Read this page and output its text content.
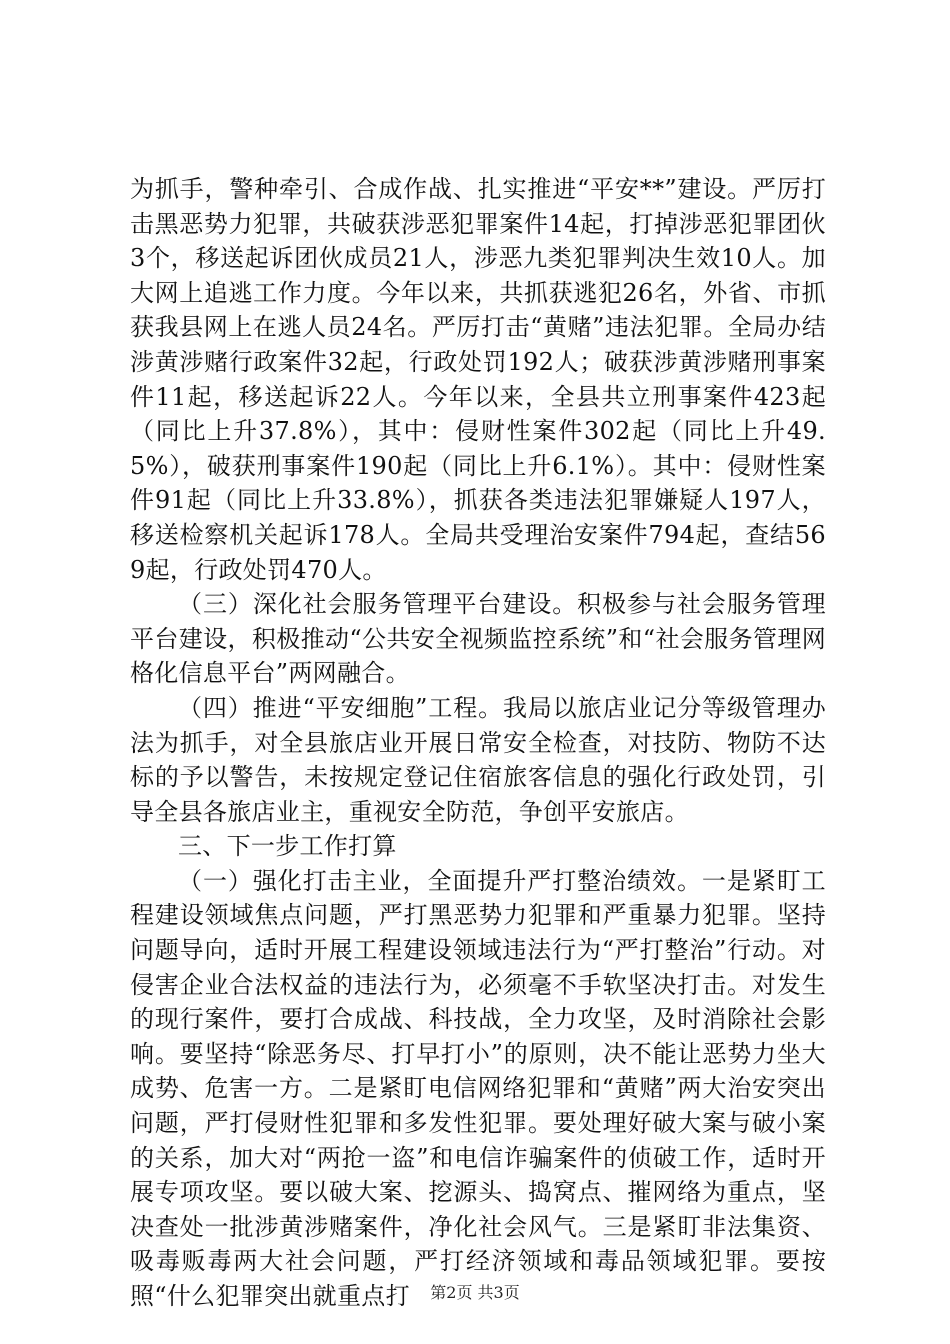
为抓手，警种牵引、合成作战、扎实推进“平安**”建设。严厉打击黑恶势力犯罪，共破获涉恶犯罪案件14起，打掉涉恶犯罪团伙3个，移送起诉团伙成员21人，涉恶九类犯罪判决生效10人。加大网上追逃工作力度。今年以来，共抓获逃犯26名，外省、市抓获我县网上在逃人员24名。严厉打击“黄赌”违法犯罪。全局办结涉黄涉赌行政案件32起，行政处罚192人；破获涉黄涉赌刑事案件11起，移送起诉22人。今年以来，全县共立刑事案件423起（同比上升37.8%），其中：侵财性案件302起（同比上升49.5%），破获刑事案件190起（同比上升6.1%）。其中：侵财性案件91起（同比上升33.8%），抓获各类违法犯罪嫌疑人197人，移送检察机关起诉178人。全局共受理治安案件794起，查结569起，行政处罚470人。

（三）深化社会服务管理平台建设。积极参与社会服务管理平台建设，积极推动“公共安全视频监控系统”和“社会服务管理网格化信息平台”两网融合。

（四）推进“平安细胞”工程。我局以旅店业记分等级管理办法为抓手，对全县旅店业开展日常安全检查，对技防、物防不达标的予以警告，未按规定登记住宿旅客信息的强化行政处罚，引导全县各旅店业主，重视安全防范，争创平安旅店。

三、下一步工作打算

（一）强化打击主业，全面提升严打整治绩效。一是紧盯工程建设领域焦点问题，严打黑恶势力犯罪和严重暴力犯罪。坚持问题导向，适时开展工程建设领域违法行为“严打整治”行动。对侵害企业合法权益的违法行为，必须毫不手软坚决打击。对发生的现行案件，要打合成战、科技战，全力攻坚，及时消除社会影响。要坚持“除恶务尽、打早打小”的原则，决不能让恶势力坐大成势、危害一方。二是紧盯电信网络犯罪和“黄赌”两大治安突出问题，严打侵财性犯罪和多发性犯罪。要处理好破大案与破小案的关系，加大对“两抢一盗”和电信诈骗案件的侦破工作，适时开展专项攻坚。要以破大案、挖源头、捣窝点、摧网络为重点，坚决查处一批涉黄涉赌案件，净化社会风气。三是紧盯非法集资、吸毒贩毒两大社会问题，严打经济领域和毒品领域犯罪。要按照“什么犯罪突出就重点打	第2页 共3页
